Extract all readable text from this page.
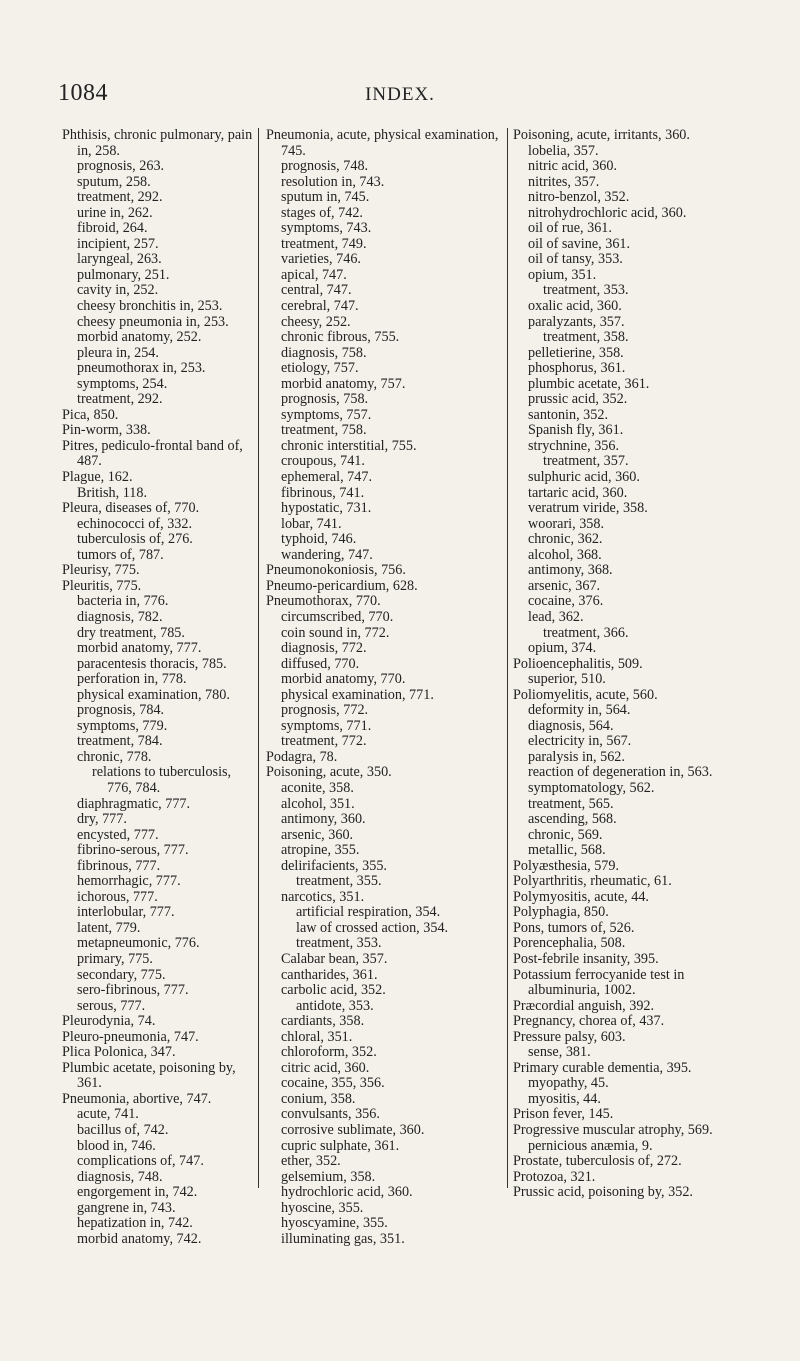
1084	INDEX.
Phthisis, chronic pulmonary, pain in, 258.
prognosis, 263.
sputum, 258.
treatment, 292.
urine in, 262.
fibroid, 264.
incipient, 257.
laryngeal, 263.
pulmonary, 251.
cavity in, 252.
cheesy bronchitis in, 253.
cheesy pneumonia in, 253.
morbid anatomy, 252.
pleura in, 254.
pneumothorax in, 253.
symptoms, 254.
treatment, 292.
Pica, 850.
Pin-worm, 338.
Pitres, pediculo-frontal band of, 487.
Plague, 162.
British, 118.
Pleura, diseases of, 770.
echinococci of, 332.
tuberculosis of, 276.
tumors of, 787.
Pleurisy, 775.
Pleuritis, 775.
bacteria in, 776.
diagnosis, 782.
dry treatment, 785.
morbid anatomy, 777.
paracentesis thoracis, 785.
perforation in, 778.
physical examination, 780.
prognosis, 784.
symptoms, 779.
treatment, 784.
chronic, 778.
relations to tuberculosis, 776, 784.
diaphragmatic, 777.
dry, 777.
encysted, 777.
fibrino-serous, 777.
fibrinous, 777.
hemorrhagic, 777.
ichorous, 777.
interlobular, 777.
latent, 779.
metapneumonic, 776.
primary, 775.
secondary, 775.
sero-fibrinous, 777.
serous, 777.
Pleurodynia, 74.
Pleuro-pneumonia, 747.
Plica Polonica, 347.
Plumbic acetate, poisoning by, 361.
Pneumonia, abortive, 747.
acute, 741.
bacillus of, 742.
blood in, 746.
complications of, 747.
diagnosis, 748.
engorgement in, 742.
gangrene in, 743.
hepatization in, 742.
morbid anatomy, 742.
Pneumonia, acute, physical examination, 745.
prognosis, 748.
resolution in, 743.
sputum in, 745.
stages of, 742.
symptoms, 743.
treatment, 749.
varieties, 746.
apical, 747.
central, 747.
cerebral, 747.
cheesy, 252.
chronic fibrous, 755.
diagnosis, 758.
etiology, 757.
morbid anatomy, 757.
prognosis, 758.
symptoms, 757.
treatment, 758.
chronic interstitial, 755.
croupous, 741.
ephemeral, 747.
fibrinous, 741.
hypostatic, 731.
lobar, 741.
typhoid, 746.
wandering, 747.
Pneumonokoniosis, 756.
Pneumo-pericardium, 628.
Pneumothorax, 770.
circumscribed, 770.
coin sound in, 772.
diagnosis, 772.
diffused, 770.
morbid anatomy, 770.
physical examination, 771.
prognosis, 772.
symptoms, 771.
treatment, 772.
Podagra, 78.
Poisoning, acute, 350.
aconite, 358.
alcohol, 351.
antimony, 360.
arsenic, 360.
atropine, 355.
delirifacients, 355.
treatment, 355.
narcotics, 351.
artificial respiration, 354.
law of crossed action, 354.
treatment, 353.
Calabar bean, 357.
cantharides, 361.
carbolic acid, 352.
antidote, 353.
cardiants, 358.
chloral, 351.
chloroform, 352.
citric acid, 360.
cocaine, 355, 356.
conium, 358.
convulsants, 356.
corrosive sublimate, 360.
cupric sulphate, 361.
ether, 352.
gelsemium, 358.
hydrochloric acid, 360.
hyoscine, 355.
hyoscyamine, 355.
illuminating gas, 351.
Poisoning, acute, irritants, 360.
lobelia, 357.
nitric acid, 360.
nitrites, 357.
nitro-benzol, 352.
nitrohydrochloric acid, 360.
oil of rue, 361.
oil of savine, 361.
oil of tansy, 353.
opium, 351.
treatment, 353.
oxalic acid, 360.
paralyzants, 357.
treatment, 358.
pelletierine, 358.
phosphorus, 361.
plumbic acetate, 361.
prussic acid, 352.
santonin, 352.
Spanish fly, 361.
strychnine, 356.
treatment, 357.
sulphuric acid, 360.
tartaric acid, 360.
veratrum viride, 358.
woorari, 358.
chronic, 362.
alcohol, 368.
antimony, 368.
arsenic, 367.
cocaine, 376.
lead, 362.
treatment, 366.
opium, 374.
Polioencephalitis, 509.
superior, 510.
Poliomyelitis, acute, 560.
deformity in, 564.
diagnosis, 564.
electricity in, 567.
paralysis in, 562.
reaction of degeneration in, 563.
symptomatology, 562.
treatment, 565.
ascending, 568.
chronic, 569.
metallic, 568.
Polyæsthesia, 579.
Polyarthritis, rheumatic, 61.
Polymyositis, acute, 44.
Polyphagia, 850.
Pons, tumors of, 526.
Porencephalia, 508.
Post-febrile insanity, 395.
Potassium ferrocyanide test in albuminuria, 1002.
Præcordial anguish, 392.
Pregnancy, chorea of, 437.
Pressure palsy, 603.
sense, 381.
Primary curable dementia, 395.
myopathy, 45.
myositis, 44.
Prison fever, 145.
Progressive muscular atrophy, 569.
pernicious anæmia, 9.
Prostate, tuberculosis of, 272.
Protozoa, 321.
Prussic acid, poisoning by, 352.
